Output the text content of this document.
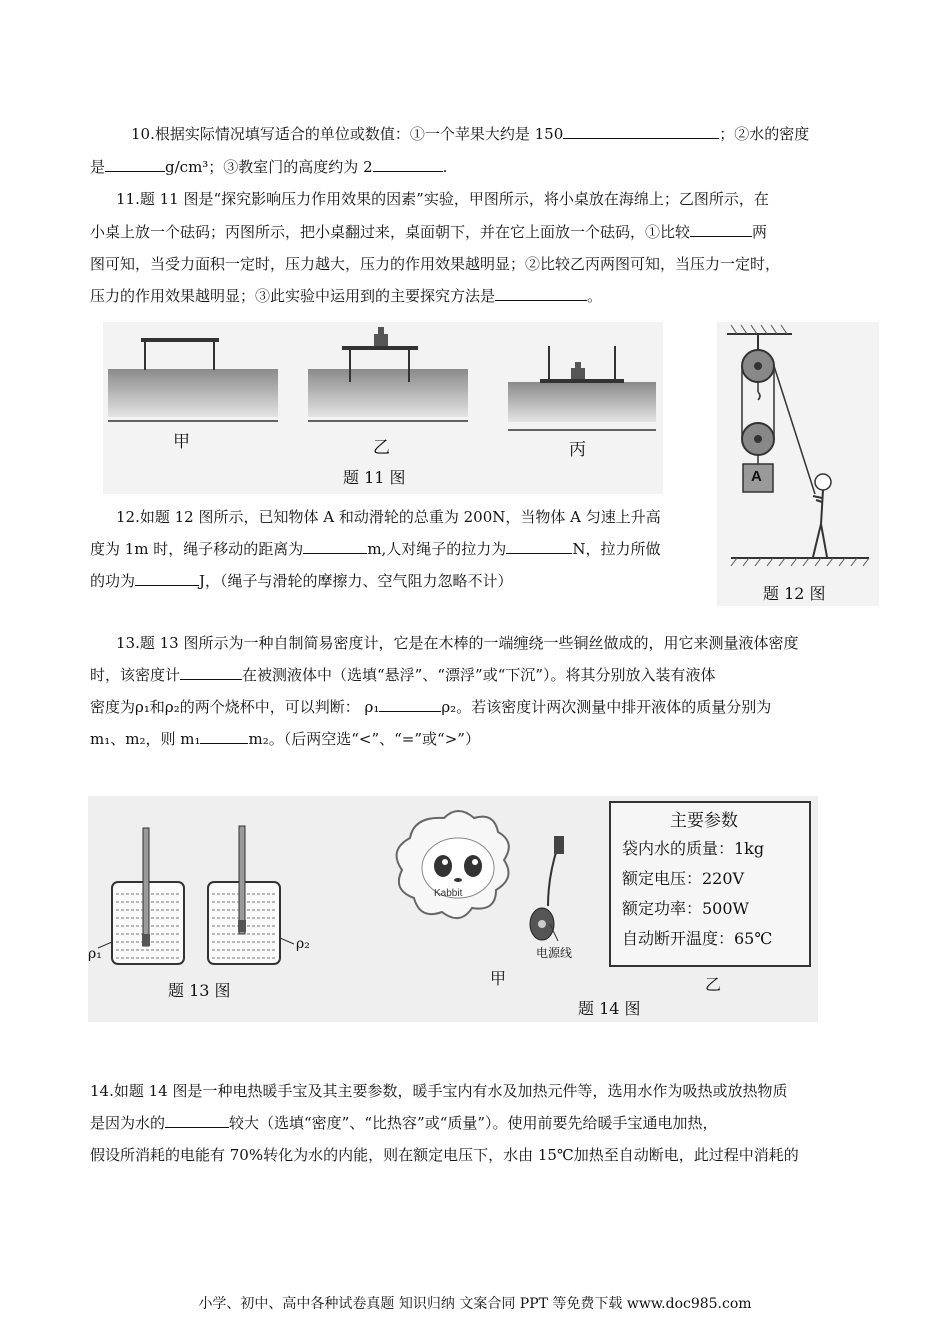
10.根据实际情况填写适合的单位或数值：①一个苹果大约是 150	；②水的密度
是	g/cm³；③教室门的高度约为 2	.
11.题 11 图是“探究影响压力作用效果的因素”实验，甲图所示，将小桌放在海绵上；乙图所示，在
小桌上放一个砝码；丙图所示，把小桌翻过来，桌面朝下，并在它上面放一个砝码，①比较	两
图可知，当受力面积一定时，压力越大，压力的作用效果越明显；②比较乙丙两图可知，当压力一定时，
压力的作用效果越明显；③此实验中运用到的主要探究方法是	。
甲	乙	丙
题 11 图	A
题 12 图
12.如题 12 图所示，已知物体 A 和动滑轮的总重为 200N，当物体 A 匀速上升高
度为 1m 时，绳子移动的距离为	m,人对绳子的拉力为	N，拉力所做
的功为	J，（绳子与滑轮的摩擦力、空气阻力忽略不计）
13.题 13 图所示为一种自制简易密度计，它是在木棒的一端缠绕一些铜丝做成的，用它来测量液体密度
时，该密度计	在被测液体中（选填“悬浮”、“漂浮”或“下沉”）。将其分别放入装有液体
密度为ρ₁和ρ₂的两个烧杯中，可以判断： ρ₁	ρ₂。若该密度计两次测量中排开液体的质量分别为
m₁、m₂，则 m₁	m₂。（后两空选“<”、“=”或“>”）
ρ₁
ρ₂
题 13 图
Kabbit
电源线
甲	乙
题 14 图
主要参数
袋内水的质量：1kg
额定电压：220V
额定功率：500W
自动断开温度：65℃
14.如题 14 图是一种电热暖手宝及其主要参数，暖手宝内有水及加热元件等，选用水作为吸热或放热物质
是因为水的	较大（选填“密度”、“比热容”或“质量”）。使用前要先给暖手宝通电加热，
假设所消耗的电能有 70%转化为水的内能，则在额定电压下，水由 15℃加热至自动断电，此过程中消耗的
小学、初中、高中各种试卷真题 知识归纳 文案合同 PPT 等免费下载 www.doc985.com
